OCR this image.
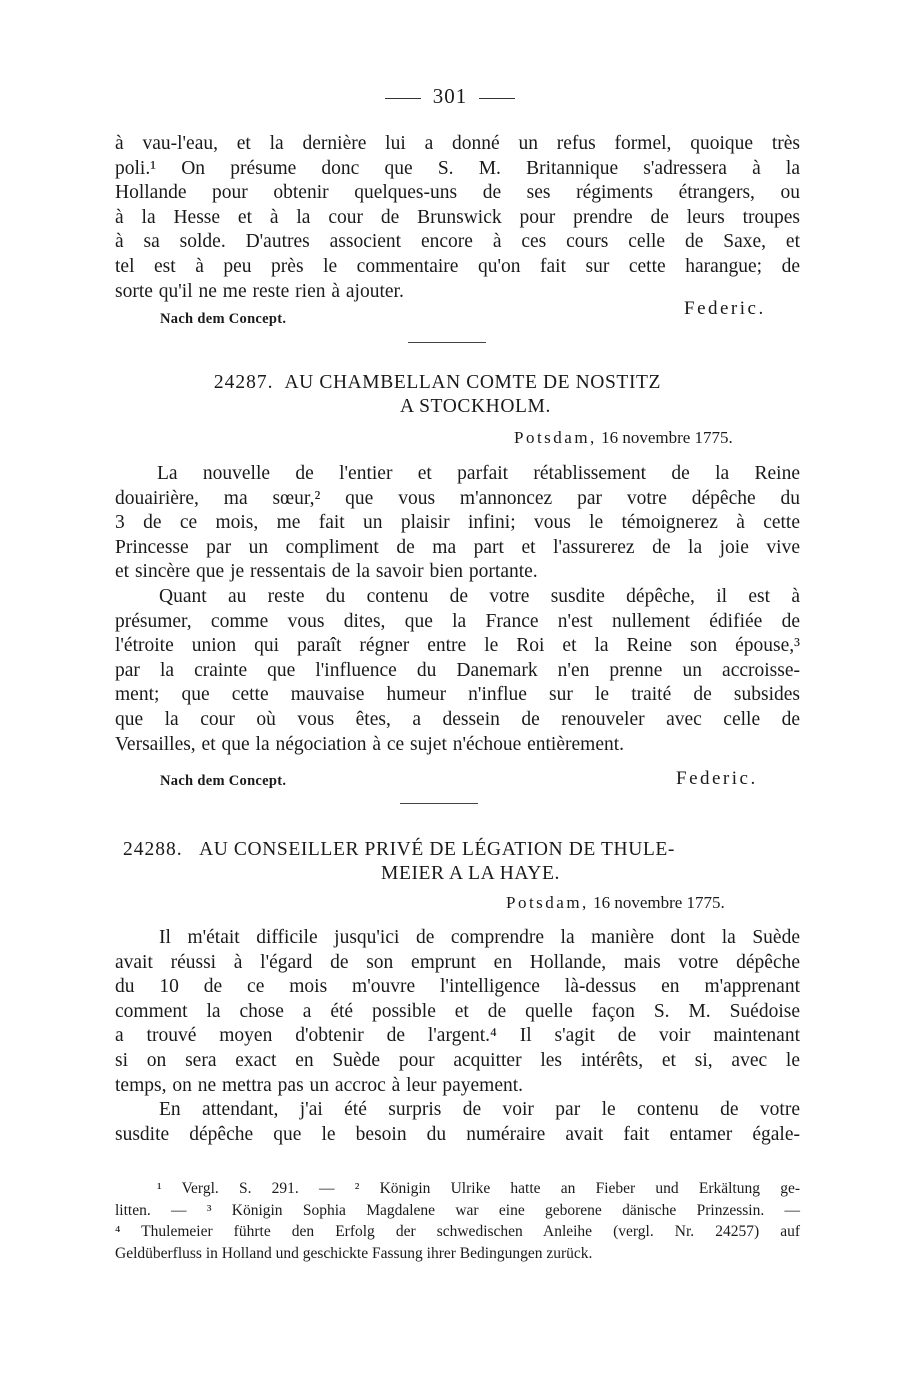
301
à vau-l'eau, et la dernière lui a donné un refus formel, quoique très
poli.¹ On présume donc que S. M. Britannique s'adressera à la
Hollande pour obtenir quelques-uns de ses régiments étrangers, ou
à la Hesse et à la cour de Brunswick pour prendre de leurs troupes
à sa solde. D'autres associent encore à ces cours celle de Saxe, et
tel est à peu près le commentaire qu'on fait sur cette harangue; de
sorte qu'il ne me reste rien à ajouter.
Nach dem Concept.	Federic.
24287. AU CHAMBELLAN COMTE DE NOSTITZ
A STOCKHOLM.
Potsdam, 16 novembre 1775.
La nouvelle de l'entier et parfait rétablissement de la Reine
douairière, ma sœur,² que vous m'annoncez par votre dépêche du
3 de ce mois, me fait un plaisir infini; vous le témoignerez à cette
Princesse par un compliment de ma part et l'assurerez de la joie vive
et sincère que je ressentais de la savoir bien portante.
Quant au reste du contenu de votre susdite dépêche, il est à
présumer, comme vous dites, que la France n'est nullement édifiée de
l'étroite union qui paraît régner entre le Roi et la Reine son épouse,³
par la crainte que l'influence du Danemark n'en prenne un accroisse-
ment; que cette mauvaise humeur n'influe sur le traité de subsides
que la cour où vous êtes, a dessein de renouveler avec celle de
Versailles, et que la négociation à ce sujet n'échoue entièrement.
Nach dem Concept.	Federic.
24288. AU CONSEILLER PRIVÉ DE LÉGATION DE THULE-
MEIER A LA HAYE.
Potsdam, 16 novembre 1775.
Il m'était difficile jusqu'ici de comprendre la manière dont la Suède
avait réussi à l'égard de son emprunt en Hollande, mais votre dépêche
du 10 de ce mois m'ouvre l'intelligence là-dessus en m'apprenant
comment la chose a été possible et de quelle façon S. M. Suédoise
a trouvé moyen d'obtenir de l'argent.⁴ Il s'agit de voir maintenant
si on sera exact en Suède pour acquitter les intérêts, et si, avec le
temps, on ne mettra pas un accroc à leur payement.
En attendant, j'ai été surpris de voir par le contenu de votre
susdite dépêche que le besoin du numéraire avait fait entamer égale-
¹ Vergl. S. 291. — ² Königin Ulrike hatte an Fieber und Erkältung ge-
litten. — ³ Königin Sophia Magdalene war eine geborene dänische Prinzessin. —
⁴ Thulemeier führte den Erfolg der schwedischen Anleihe (vergl. Nr. 24257) auf
Geldüberfluss in Holland und geschickte Fassung ihrer Bedingungen zurück.
